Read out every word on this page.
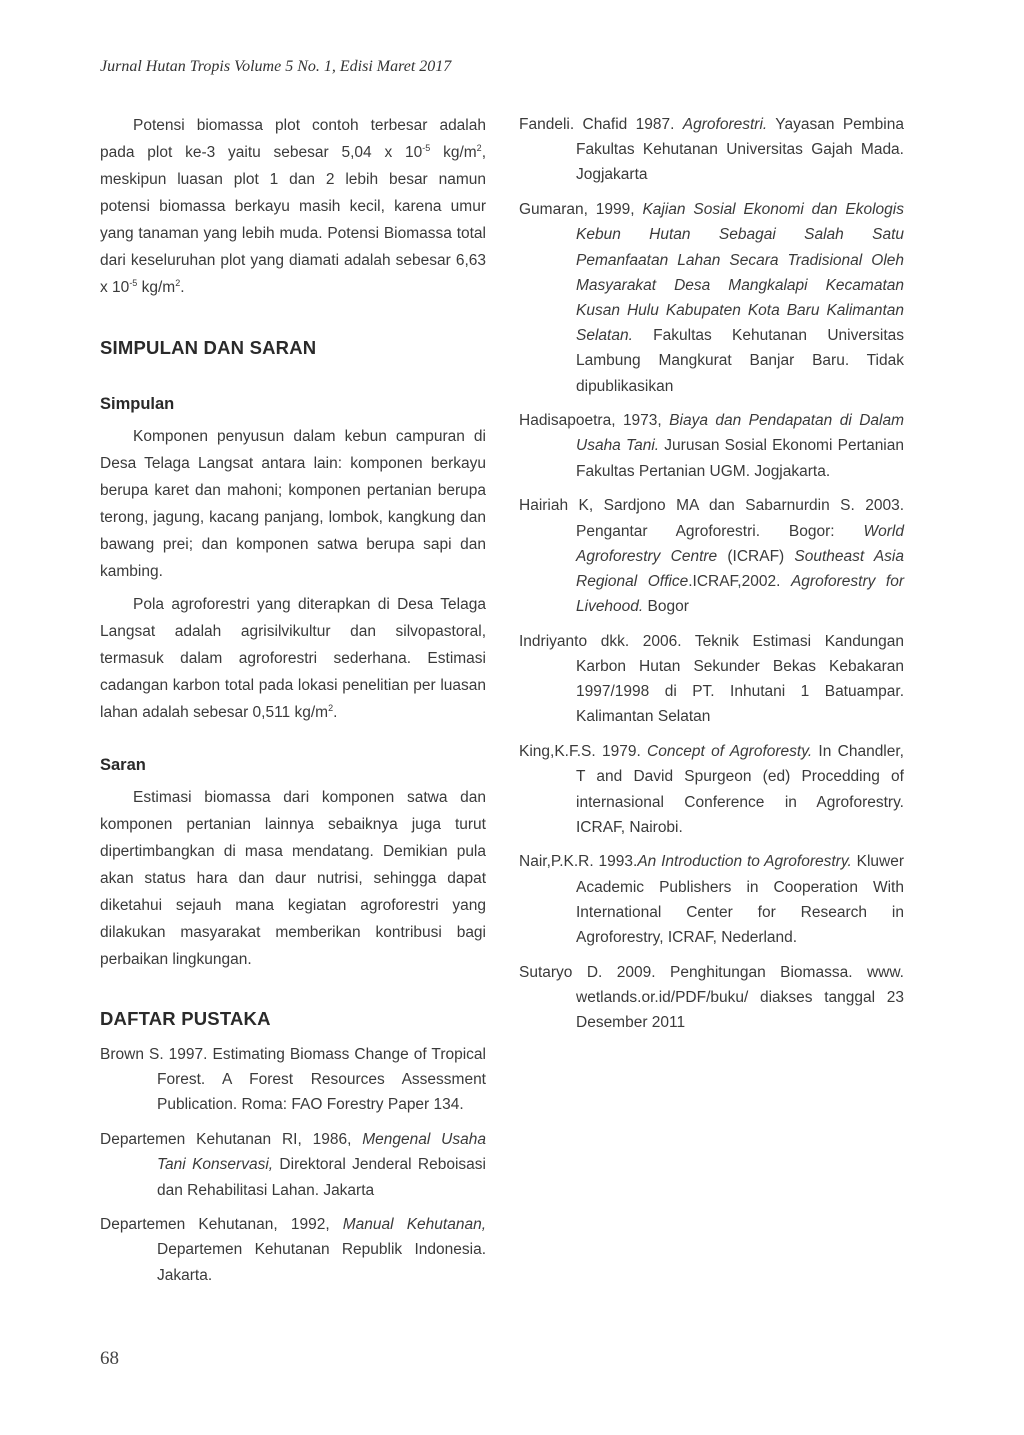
Jurnal Hutan Tropis Volume 5 No. 1, Edisi Maret 2017

Potensi biomassa plot contoh terbesar adalah pada plot ke-3 yaitu sebesar 5,04 x $10^{-5}$ $kg/m^2$, meskipun luasan plot 1 dan 2 lebih besar namun potensi biomassa berkayu masih kecil, karena umur yang tanaman yang lebih muda. Potensi Biomassa total dari keseluruhan plot yang diamati adalah sebesar 6,63 x $10^{-5}$ $kg/m^2$.

SIMPULAN DAN SARAN
Simpulan

Komponen penyusun dalam kebun campuran di Desa Telaga Langsat antara lain: komponen berkayu berupa karet dan mahoni; komponen pertanian berupa terong, jagung, kacang panjang, lombok, kangkung dan bawang prei; dan komponen satwa berupa sapi dan kambing.

Pola agroforestri yang diterapkan di Desa Telaga Langsat adalah agrisilvikultur dan silvopastoral, termasuk dalam agroforestri sederhana. Estimasi cadangan karbon total pada lokasi penelitian per luasan lahan adalah sebesar 0,511 $kg/m^2$.

Saran

Estimasi biomassa dari komponen satwa dan komponen pertanian lainnya sebaiknya juga turut dipertimbangkan di masa mendatang. Demikian pula akan status hara dan daur nutrisi, sehingga dapat diketahui sejauh mana kegiatan agroforestri yang dilakukan masyarakat memberikan kontribusi bagi perbaikan lingkungan.

DAFTAR PUSTAKA
Brown S. 1997. Estimating Biomass Change of Tropical Forest. A Forest Resources Assessment Publication. Roma: FAO Forestry Paper 134.
Departemen Kehutanan RI, 1986, Mengenal Usaha Tani Konservasi, Direktoral Jenderal Reboisasi dan Rehabilitasi Lahan. Jakarta
Departemen Kehutanan, 1992, Manual Kehutanan, Departemen Kehutanan Republik Indonesia. Jakarta.
Fandeli. Chafid 1987. Agroforestri. Yayasan Pembina Fakultas Kehutanan Universitas Gajah Mada. Jogjakarta
Gumaran, 1999, Kajian Sosial Ekonomi dan Ekologis Kebun Hutan Sebagai Salah Satu Pemanfaatan Lahan Secara Tradisional Oleh Masyarakat Desa Mangkalapi Kecamatan Kusan Hulu Kabupaten Kota Baru Kalimantan Selatan. Fakultas Kehutanan Universitas Lambung Mangkurat Banjar Baru. Tidak dipublikasikan
Hadisapoetra, 1973, Biaya dan Pendapatan di Dalam Usaha Tani. Jurusan Sosial Ekonomi Pertanian Fakultas Pertanian UGM. Jogjakarta.
Hairiah K, Sardjono MA dan Sabarnurdin S. 2003. Pengantar Agroforestri. Bogor: World Agroforestry Centre (ICRAF) Southeast Asia Regional Office.ICRAF,2002. Agroforestry for Livehood. Bogor
Indriyanto dkk. 2006. Teknik Estimasi Kandungan Karbon Hutan Sekunder Bekas Kebakaran 1997/1998 di PT. Inhutani 1 Batuampar. Kalimantan Selatan
King,K.F.S. 1979. Concept of Agroforesty. In Chandler, T and David Spurgeon (ed) Procedding of internasional Conference in Agroforestry. ICRAF, Nairobi.
Nair,P.K.R. 1993.An Introduction to Agroforestry. Kluwer Academic Publishers in Cooperation With International Center for Research in Agroforestry, ICRAF, Nederland.
Sutaryo D. 2009. Penghitungan Biomassa. www. wetlands.or.id/PDF/buku/ diakses tanggal 23 Desember 2011
68
